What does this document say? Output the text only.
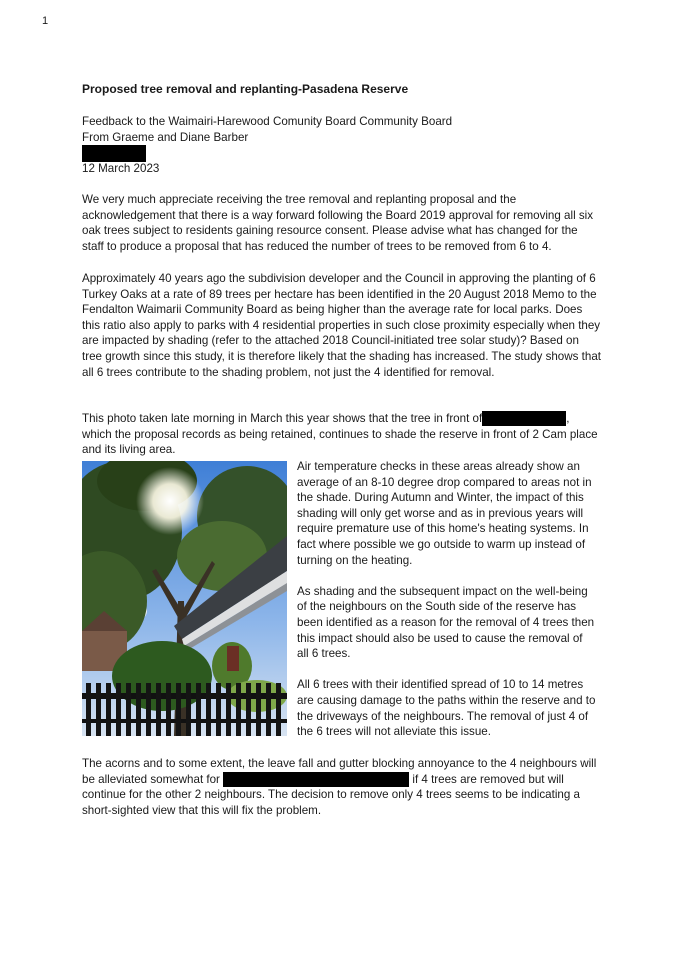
1
Proposed tree removal and replanting-Pasadena Reserve
Feedback to the Waimairi-Harewood Comunity Board Community Board
From Graeme and Diane Barber
12 March 2023

We very much appreciate receiving the tree removal and replanting proposal and the acknowledgement that there is a way forward following the Board 2019 approval for removing all six oak trees subject to residents gaining resource consent. Please advise what has changed for the staff to produce a proposal that has reduced the number of trees to be removed from 6 to 4.

Approximately 40 years ago the subdivision developer and the Council in approving the planting of 6 Turkey Oaks at a rate of 89 trees per hectare has been identified in the 20 August 2018 Memo to the Fendalton Waimarii Community Board as being higher than the average rate for local parks. Does this ratio also apply to parks with 4 residential properties in such close proximity especially when they are impacted by shading (refer to the attached 2018 Council-initiated tree solar study)? Based on tree growth since this study, it is therefore likely that the shading has increased. The study shows that all 6 trees contribute to the shading problem, not just the 4 identified for removal.

This photo taken late morning in March this year shows that the tree in front of	, which the proposal records as being retained, continues to shade the reserve in front of 2 Cam place and its living area.

Air temperature checks in these areas already show an average of an 8-10 degree drop compared to areas not in the shade. During Autumn and Winter, the impact of this shading will only get worse and as in previous years will require premature use of this home's heating systems. In fact where possible we go outside to warm up instead of turning on the heating.

As shading and the subsequent impact on the well-being of the neighbours on the South side of the reserve has been identified as a reason for the removal of 4 trees then this impact should also be used to cause the removal of all 6 trees.

All 6 trees with their identified spread of 10 to 14 metres are causing damage to the paths within the reserve and to the driveways of the neighbours. The removal of just 4 of the 6 trees will not alleviate this issue.

The acorns and to some extent, the leave fall and gutter blocking annoyance to the 4 neighbours will be alleviated somewhat for	if 4 trees are removed but will continue for the other 2 neighbours. The decision to remove only 4 trees seems to be indicating a short-sighted view that this will fix the problem.
